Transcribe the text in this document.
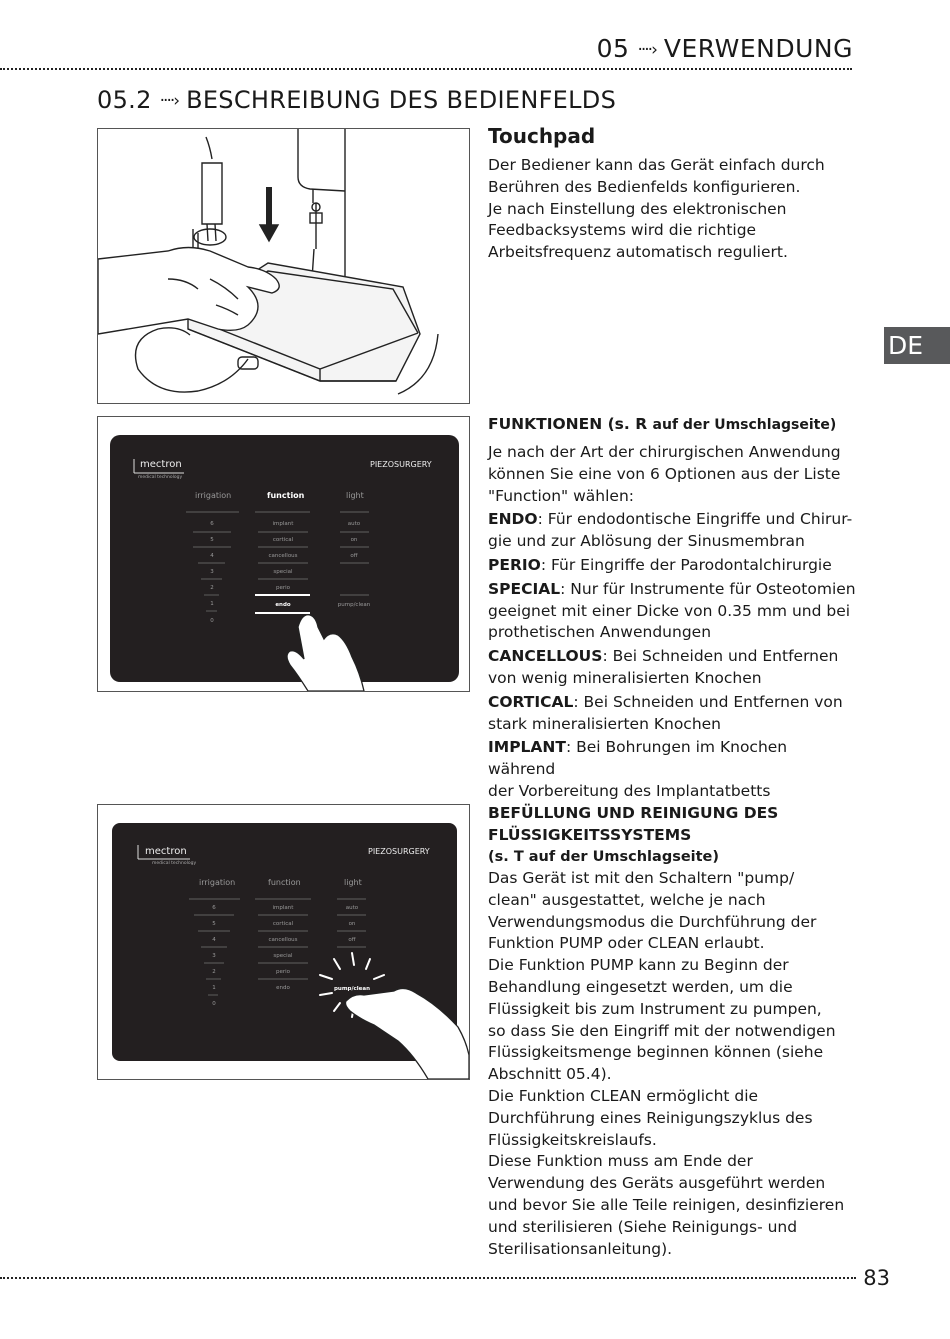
05 ····› VERWENDUNG
05.2 ····› BESCHREIBUNG DES BEDIENFELDS
Touchpad

Der Bediener kann das Gerät einfach durch

Berühren des Bedienfelds konfigurieren.

Je nach Einstellung des elektronischen

Feedbacksystems wird die richtige

Arbeitsfrequenz automatisch reguliert.

DE
mectron
medical technology
PIEZOSURGERY
irrigation	function	light
6
5
4
3
2
1
0
implant
cortical
cancellous
special
perio
endo
auto
on
off
pump/clean

FUNKTIONEN (s. R auf der Umschlagseite)

Je nach der Art der chirurgischen Anwendung

können Sie eine von 6 Optionen aus der Liste

"Function" wählen:

ENDO: Für endodontische Eingriffe und Chirur-

gie und zur Ablösung der Sinusmembran

PERIO: Für Eingriffe der Parodontalchirurgie

SPECIAL: Nur für Instrumente für Osteotomien

geeignet mit einer Dicke von 0.35 mm und bei

prothetischen Anwendungen

CANCELLOUS: Bei Schneiden und Entfernen

von wenig mineralisierten Knochen

CORTICAL: Bei Schneiden und Entfernen von

stark mineralisierten Knochen

IMPLANT: Bei Bohrungen im Knochen während

der Vorbereitung des Implantatbetts

mectron
medical technology
PIEZOSURGERY
irrigation	function	light
6
5
4
3
2
1
0
implant
cortical
cancellous
special
perio
endo
auto
on
off
pump/clean

BEFÜLLUNG UND REINIGUNG DES

FLÜSSIGKEITSSYSTEMS

(s. T auf der Umschlagseite)

Das Gerät ist mit den Schaltern "pump/

clean" ausgestattet, welche je nach

Verwendungsmodus die Durchführung der

Funktion PUMP oder CLEAN erlaubt.

Die Funktion PUMP kann zu Beginn der

Behandlung eingesetzt werden, um die

Flüssigkeit bis zum Instrument zu pumpen,

so dass Sie den Eingriff mit der notwendigen

Flüssigkeitsmenge beginnen können (siehe

Abschnitt 05.4).

Die Funktion CLEAN ermöglicht die

Durchführung eines Reinigungszyklus des

Flüssigkeitskreislaufs.

Diese Funktion muss am Ende der

Verwendung des Geräts ausgeführt werden

und bevor Sie alle Teile reinigen, desinfizieren

und sterilisieren (Siehe Reinigungs- und

Sterilisationsanleitung).

83
